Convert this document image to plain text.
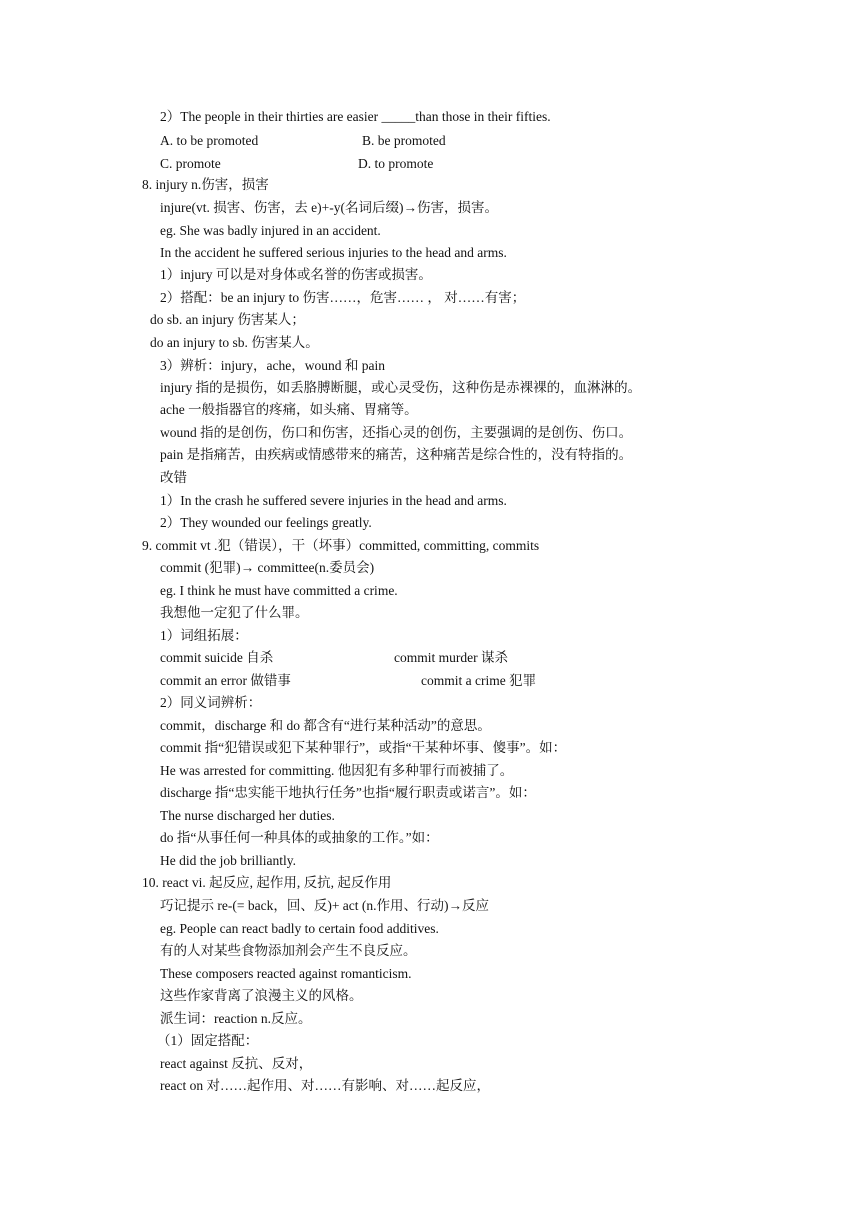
2）The people in their thirties are easier _____than those in their fifties.
A. to be promoted	B. be promoted
C. promote	D. to promote
8. injury n.伤害，损害
injure(vt. 损害、伤害，去 e)+-y(名词后缀)→伤害，损害。
eg. She was badly injured in an accident.
In the accident he suffered serious injuries to the head and arms.
1）injury 可以是对身体或名誉的伤害或损害。
2）搭配：be an injury to 伤害……，危害…… ， 对……有害；
do sb. an injury 伤害某人；
do an injury to sb. 伤害某人。
3）辨析：injury，ache，wound 和 pain
injury 指的是损伤，如丢胳膊断腿，或心灵受伤，这种伤是赤裸裸的，血淋淋的。
ache 一般指器官的疼痛，如头痛、胃痛等。
wound 指的是创伤，伤口和伤害，还指心灵的创伤，主要强调的是创伤、伤口。
pain 是指痛苦，由疾病或情感带来的痛苦，这种痛苦是综合性的，没有特指的。
改错
1）In the crash he suffered severe injuries in the head and arms.
2）They wounded our feelings greatly.
9. commit vt .犯（错误），干（坏事）committed, committing, commits
commit (犯罪)→ committee(n.委员会)
eg. I think he must have committed a crime.
我想他一定犯了什么罪。
1）词组拓展：
commit suicide 自杀	commit murder 谋杀
commit an error 做错事	commit a crime 犯罪
2）同义词辨析：
commit，discharge 和 do 都含有“进行某种活动”的意思。
commit 指“犯错误或犯下某种罪行”，或指“干某种坏事、傻事”。如：
He was arrested for committing. 他因犯有多种罪行而被捕了。
discharge 指“忠实能干地执行任务”也指“履行职责或诺言”。如：
The nurse discharged her duties.
do 指“从事任何一种具体的或抽象的工作。”如：
He did the job brilliantly.
10. react vi. 起反应, 起作用, 反抗, 起反作用
巧记提示 re-(= back，回、反)+ act (n.作用、行动)→反应
eg. People can react badly to certain food additives.
有的人对某些食物添加剂会产生不良反应。
These composers reacted against romanticism.
这些作家背离了浪漫主义的风格。
派生词：reaction n.反应。
（1）固定搭配：
react against 反抗、反对，
react on 对……起作用、对……有影响、对……起反应，
